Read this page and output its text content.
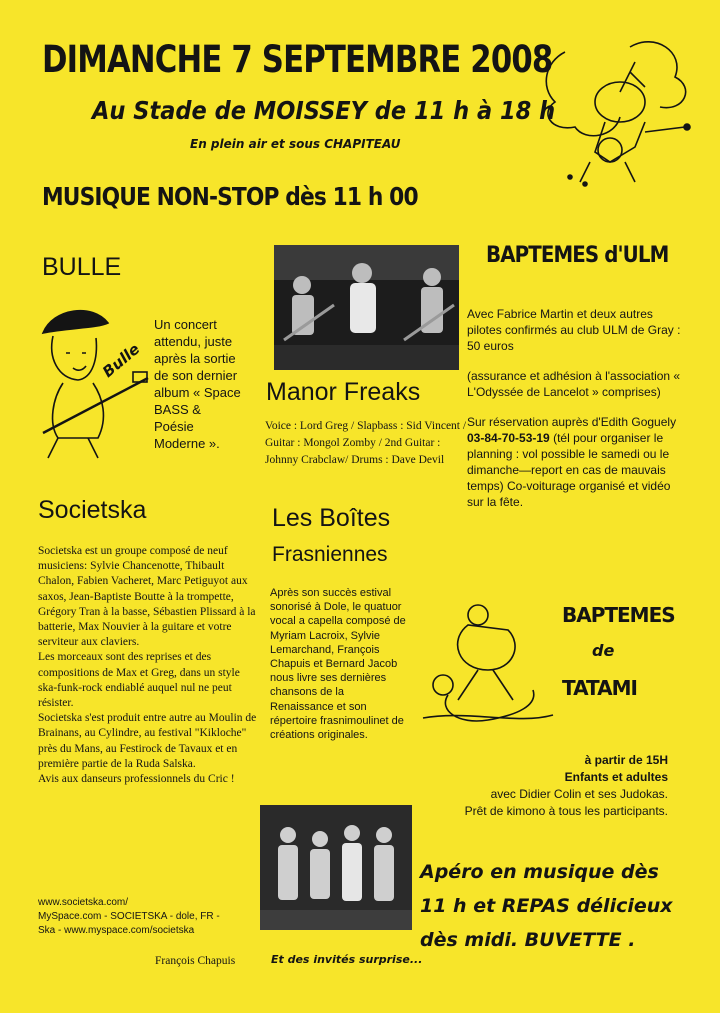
DIMANCHE 7 SEPTEMBRE 2008
Au Stade de MOISSEY de 11 h à 18 h
En plein air et sous CHAPITEAU
MUSIQUE NON-STOP dès 11 h 00
BULLE
Bulle
Un concert attendu, juste après la sortie de son dernier album « Space BASS & Poésie Moderne ».
Manor Freaks
Voice : Lord Greg / Slapbass : Sid Vincent / Guitar : Mongol Zomby / 2nd Guitar : Johnny Crabclaw/ Drums : Dave Devil
Societska

Societska est un groupe composé de neuf musiciens: Sylvie Chancenotte, Thibault Chalon, Fabien Vacheret, Marc Petiguyot aux saxos, Jean-Baptiste Boutte à la trompette, Grégory Tran à la basse, Sébastien Plissard à la batterie, Max Nouvier à la guitare et votre serviteur aux claviers.

Les morceaux sont des reprises et des compositions de Max et Greg, dans un style ska-funk-rock endiablé auquel nul ne peut résister.

Societska s'est produit entre autre au Moulin de Brainans, au Cylindre, au festival "Kikloche" près du Mans, au Festirock de Tavaux et en première partie de la Ruda Salska.

Avis aux danseurs professionnels du Cric !

www.societska.com/
MySpace.com - SOCIETSKA - dole, FR -
Ska - www.myspace.com/societska
François Chapuis
Les Boîtes
Frasniennes
Après son succès estival sonorisé à Dole, le quatuor vocal a capella composé de Myriam Lacroix, Sylvie Lemarchand, François Chapuis et Bernard Jacob nous livre ses dernières chansons de la Renaissance et son répertoire frasnimoulinet de créations originales.
Et des invités surprise...
BAPTEMES d'ULM

Avec Fabrice Martin et deux autres pilotes confirmés au club ULM de Gray : 50 euros

(assurance et adhésion à l'association « L'Odyssée de Lancelot » comprises)

Sur réservation auprès d'Edith Goguely  03-84-70-53-19 (tél pour organiser le planning : vol possible le samedi ou le dimanche—report en cas de mauvais temps) Co-voiturage organisé et vidéo sur la fête.

BAPTEMES
de
TATAMI
à partir de 15H
Enfants et adultes
avec Didier Colin et ses Judokas.
Prêt de kimono à tous les participants.
Apéro en musique dès
11 h et REPAS délicieux
dès midi. BUVETTE .
